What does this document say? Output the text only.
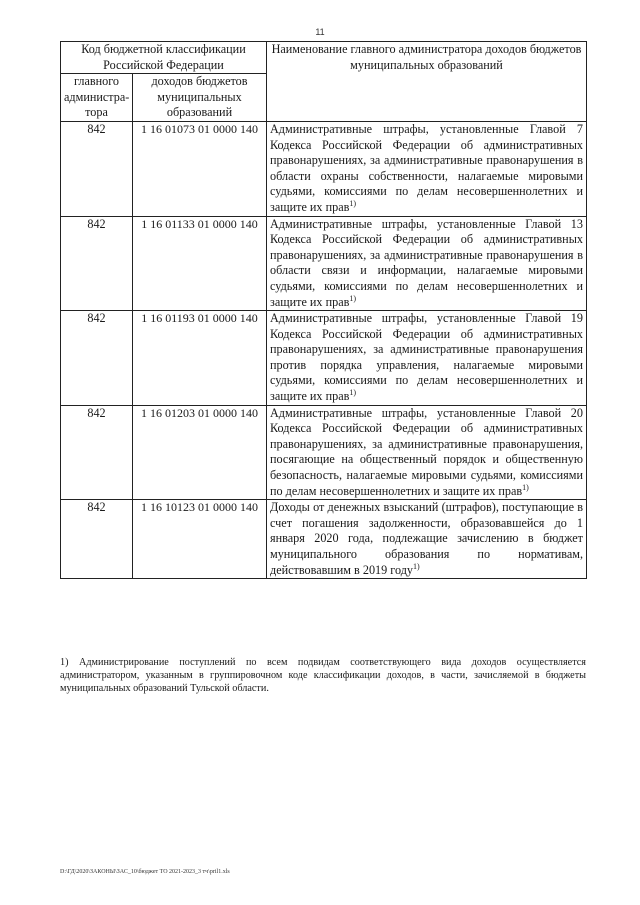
11
Код бюджетной классификации Российской Федерации		Наименование главного администратора доходов бюджетов муниципальных образований
главного администра-тора	доходов бюджетов муниципальных образований	
842	1 16 01073 01 0000 140	Административные штрафы, установленные Главой 7 Кодекса Российской Федерации об административных правонарушениях, за административные правонарушения в области охраны собственности, налагаемые мировыми судьями, комиссиями по делам несовершеннолетних и защите их прав$^{1)}$
842	1 16 01133 01 0000 140	Административные штрафы, установленные Главой 13 Кодекса Российской Федерации об административных правонарушениях, за административные правонарушения в области связи и информации, налагаемые мировыми судьями, комиссиями по делам несовершеннолетних и защите их прав$^{1)}$
842	1 16 01193 01 0000 140	Административные штрафы, установленные Главой 19 Кодекса Российской Федерации об административных правонарушениях, за административные правонарушения против порядка управления, налагаемые мировыми судьями, комиссиями по делам несовершеннолетних и защите их прав$^{1)}$
842	1 16 01203 01 0000 140	Административные штрафы, установленные Главой 20 Кодекса Российской Федерации об административных правонарушениях, за административные правонарушения, посягающие на общественный порядок и общественную безопасность, налагаемые мировыми судьями, комиссиями по делам несовершеннолетних и защите их прав$^{1)}$
842	1 16 10123 01 0000 140	Доходы от денежных взысканий (штрафов), поступающие в счет погашения задолженности, образовавшейся до 1 января 2020 года, подлежащие зачислению в бюджет муниципального образования по нормативам, действовавшим в 2019 году$^{1)}$
1) Администрирование поступлений по всем подвидам соответствующего вида доходов осуществляется администратором, указанным в группировочном коде классификации доходов, в части, зачисляемой в бюджеты муниципальных образований Тульской области.
D:\ГД\2020\ЗАКОНЫ\ЗАС_10\бюджет ТО 2021-2023_3 тч\pril1.xls
